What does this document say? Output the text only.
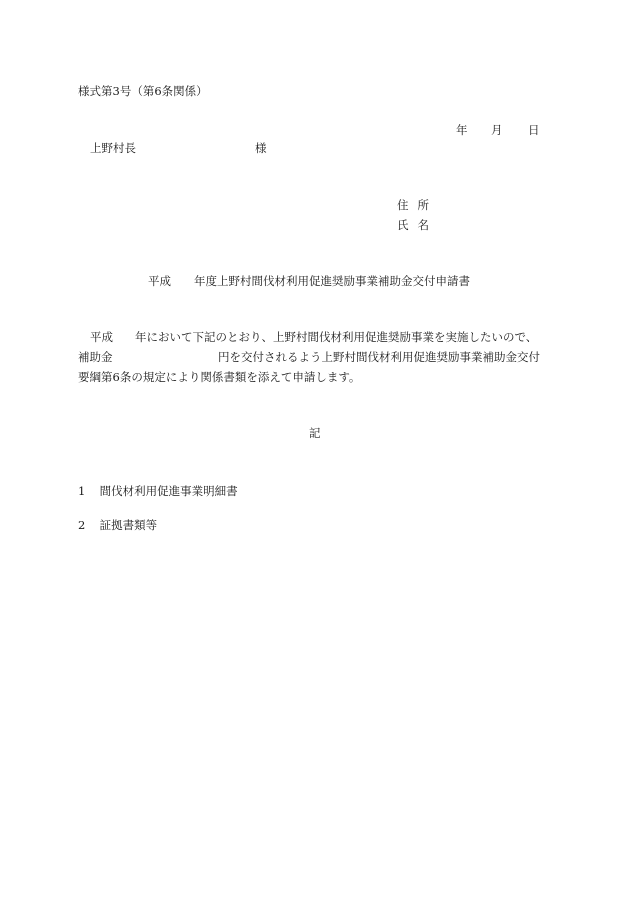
様式第3号（第6条関係）
年 月 日
上野村長	様
住所
氏名
平成 年度上野村間伐材利用促進奨励事業補助金交付申請書
平成 年において下記のとおり、上野村間伐材利用促進奨励事業を実施したいので、
補助金	円を交付されるよう上野村間伐材利用促進奨励事業補助金交付
要綱第6条の規定により関係書類を添えて申請します。
記
1 間伐材利用促進事業明細書
2 証拠書類等
